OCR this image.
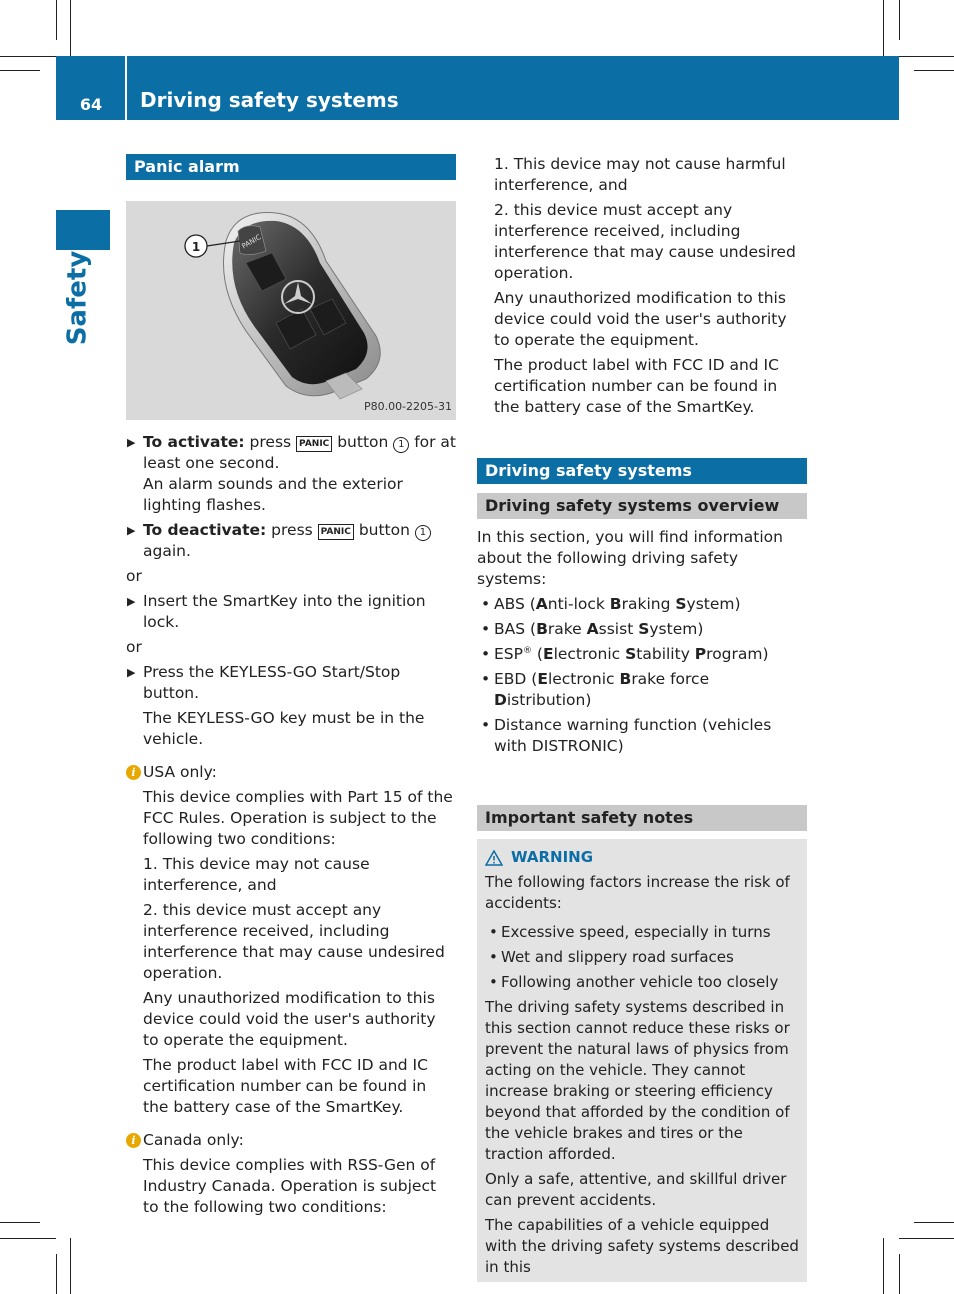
64	Driving safety systems
Safety
Panic alarm
PANIC
1
P80.00-2205-31
▶ To activate: press PANIC button 1 for at least one second.
An alarm sounds and the exterior lighting flashes.
▶ To deactivate: press PANIC button 1 again.
or
▶ Insert the SmartKey into the ignition lock.
or
▶ Press the KEYLESS-GO Start/Stop button.
The KEYLESS-GO key must be in the vehicle.
i USA only:
This device complies with Part 15 of the FCC Rules. Operation is subject to the following two conditions:
1. This device may not cause interference, and
2. this device must accept any interference received, including interference that may cause undesired operation.
Any unauthorized modification to this device could void the user's authority to operate the equipment.
The product label with FCC ID and IC certification number can be found in the battery case of the SmartKey.
i Canada only:
This device complies with RSS-Gen of Industry Canada. Operation is subject to the following two conditions:
1. This device may not cause harmful interference, and
2. this device must accept any interference received, including interference that may cause undesired operation.
Any unauthorized modification to this device could void the user's authority to operate the equipment.
The product label with FCC ID and IC certification number can be found in the battery case of the SmartKey.
Driving safety systems
Driving safety systems overview
In this section, you will find information about the following driving safety systems:
• ABS (Anti-lock Braking System)
• BAS (Brake Assist System)
• ESP® (Electronic Stability Program)
• EBD (Electronic Brake force Distribution)
• Distance warning function (vehicles with DISTRONIC)
Important safety notes
WARNING
The following factors increase the risk of accidents:
• Excessive speed, especially in turns
• Wet and slippery road surfaces
• Following another vehicle too closely
The driving safety systems described in this section cannot reduce these risks or prevent the natural laws of physics from acting on the vehicle. They cannot increase braking or steering efficiency beyond that afforded by the condition of the vehicle brakes and tires or the traction afforded.
Only a safe, attentive, and skillful driver can prevent accidents.
The capabilities of a vehicle equipped with the driving safety systems described in this
